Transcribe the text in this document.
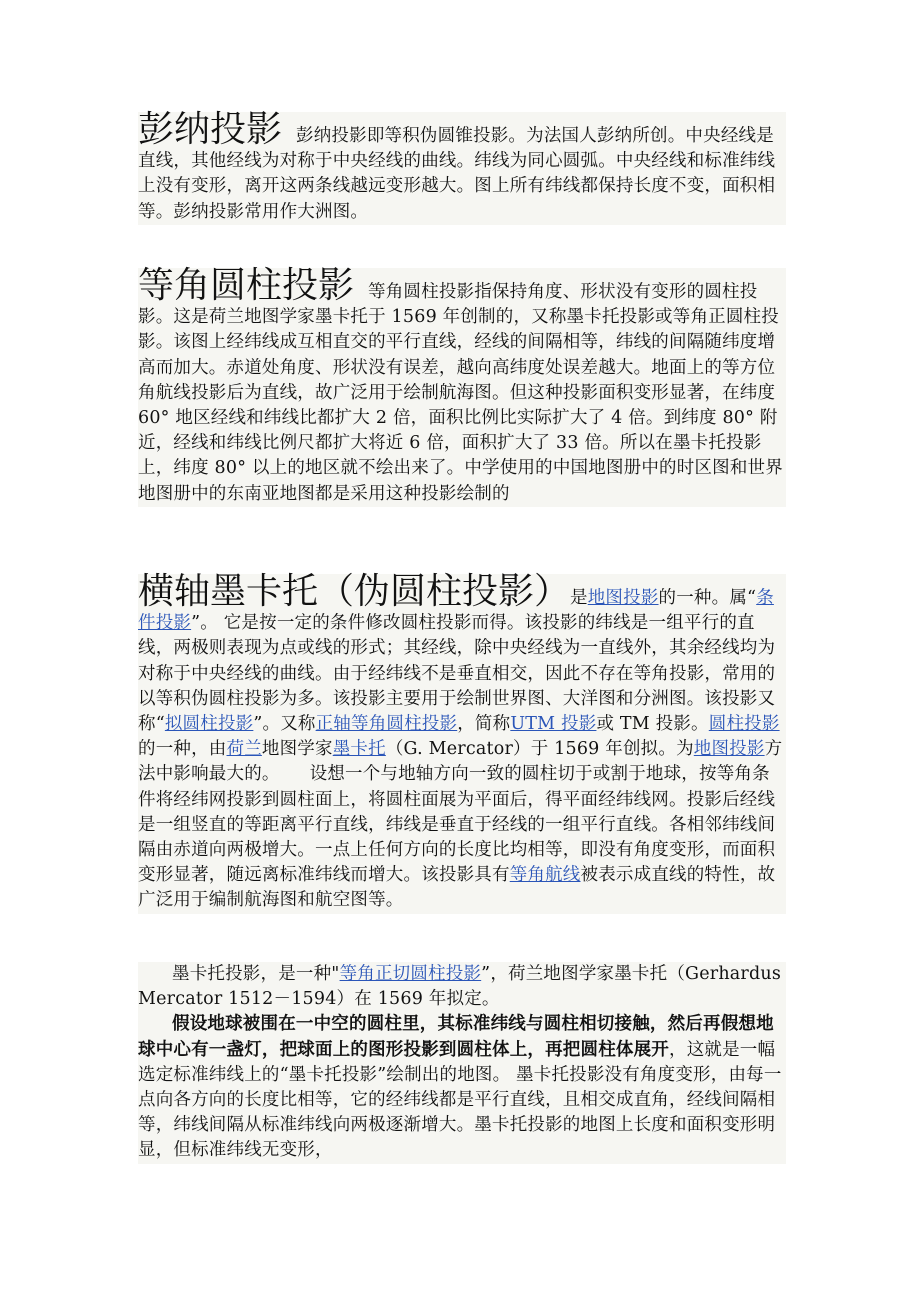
彭纳投影 彭纳投影即等积伪圆锥投影。为法国人彭纳所创。中央经线是直线，其他经线为对称于中央经线的曲线。纬线为同心圆弧。中央经线和标准纬线上没有变形，离开这两条线越远变形越大。图上所有纬线都保持长度不变，面积相等。彭纳投影常用作大洲图。
等角圆柱投影 等角圆柱投影指保持角度、形状没有变形的圆柱投影。这是荷兰地图学家墨卡托于 1569 年创制的，又称墨卡托投影或等角正圆柱投影。该图上经纬线成互相直交的平行直线，经线的间隔相等，纬线的间隔随纬度增高而加大。赤道处角度、形状没有误差，越向高纬度处误差越大。地面上的等方位角航线投影后为直线，故广泛用于绘制航海图。但这种投影面积变形显著，在纬度 60° 地区经线和纬线比都扩大 2 倍，面积比例比实际扩大了 4 倍。到纬度 80° 附近，经线和纬线比例尺都扩大将近 6 倍，面积扩大了 33 倍。所以在墨卡托投影上，纬度 80° 以上的地区就不绘出来了。中学使用的中国地图册中的时区图和世界地图册中的东南亚地图都是采用这种投影绘制的
横轴墨卡托（伪圆柱投影）是地图投影的一种。属“条件投影”。 它是按一定的条件修改圆柱投影而得。该投影的纬线是一组平行的直线，两极则表现为点或线的形式；其经线，除中央经线为一直线外，其余经线均为对称于中央经线的曲线。由于经纬线不是垂直相交，因此不存在等角投影，常用的以等积伪圆柱投影为多。该投影主要用于绘制世界图、大洋图和分洲图。该投影又称“拟圆柱投影”。又称正轴等角圆柱投影，简称UTM 投影或 TM 投影。圆柱投影的一种，由荷兰地图学家墨卡托（G. Mercator）于 1569 年创拟。为地图投影方法中影响最大的。 设想一个与地轴方向一致的圆柱切于或割于地球，按等角条件将经纬网投影到圆柱面上，将圆柱面展为平面后，得平面经纬线网。投影后经线是一组竖直的等距离平行直线，纬线是垂直于经线的一组平行直线。各相邻纬线间隔由赤道向两极增大。一点上任何方向的长度比均相等，即没有角度变形，而面积变形显著，随远离标准纬线而增大。该投影具有等角航线被表示成直线的特性，故广泛用于编制航海图和航空图等。
墨卡托投影，是一种"等角正切圆柱投影”，荷兰地图学家墨卡托（Gerhardus Mercator 1512－1594）在 1569 年拟定。
假设地球被围在一中空的圆柱里，其标准纬线与圆柱相切接触，然后再假想地球中心有一盏灯，把球面上的图形投影到圆柱体上，再把圆柱体展开，这就是一幅选定标准纬线上的“墨卡托投影”绘制出的地图。 墨卡托投影没有角度变形，由每一点向各方向的长度比相等，它的经纬线都是平行直线，且相交成直角，经线间隔相等，纬线间隔从标准纬线向两极逐渐增大。墨卡托投影的地图上长度和面积变形明显，但标准纬线无变形，
